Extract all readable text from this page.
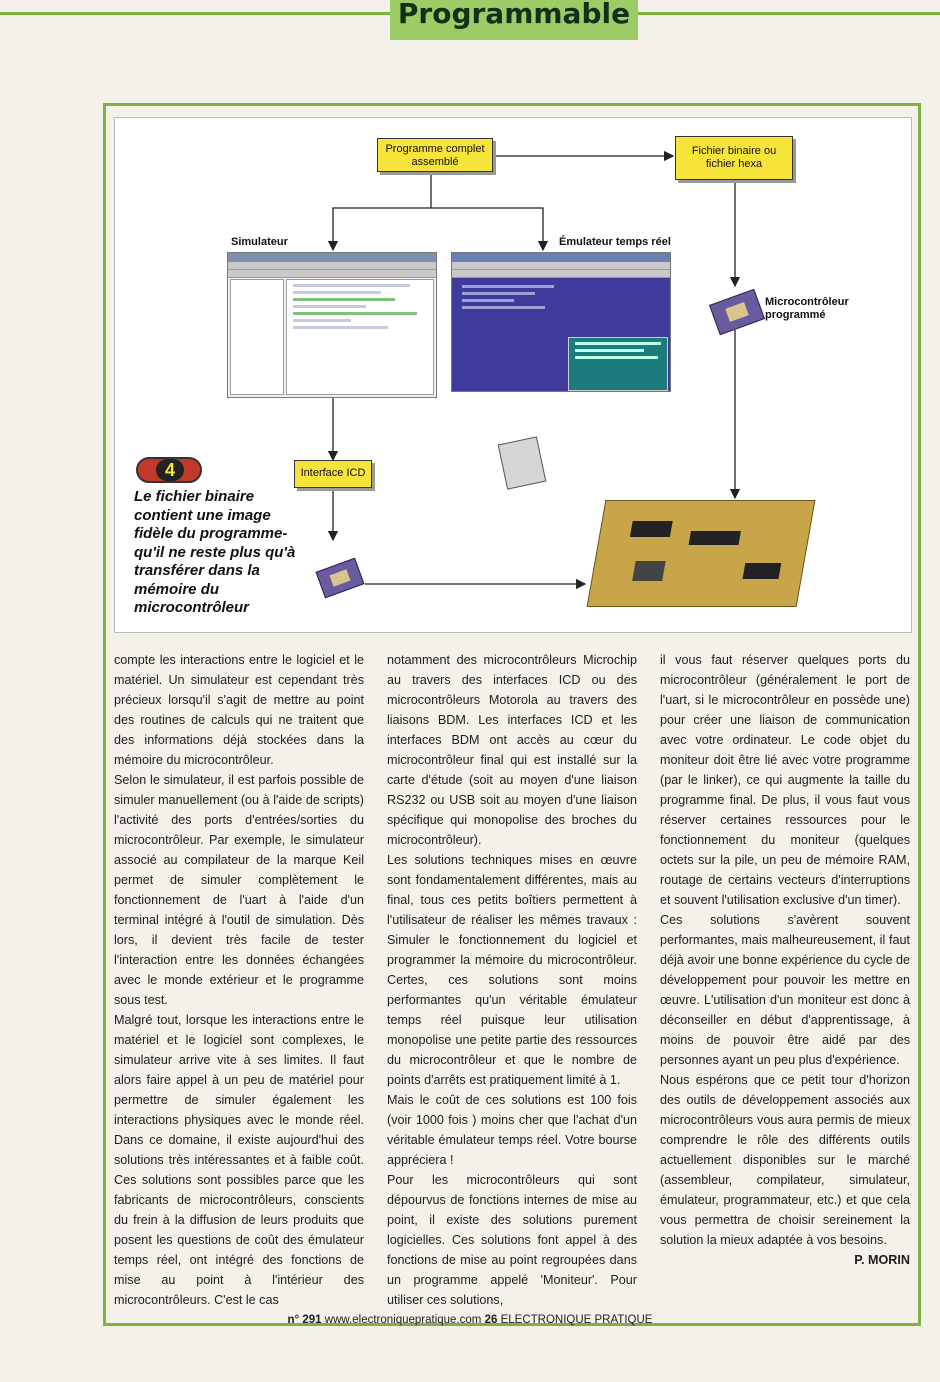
Programmable
Programme complet assemblé
Fichier binaire ou fichier hexa
Interface ICD
Simulateur	Émulateur temps réel
Microcontrôleur programmé
4
Le fichier binaire contient une image fidèle du programme-qu'il ne reste plus qu'à transférer dans la mémoire du microcontrôleur

compte les interactions entre le logiciel et le matériel. Un simulateur est cependant très précieux lorsqu'il s'agit de mettre au point des routines de calculs qui ne traitent que des informations déjà stockées dans la mémoire du microcontrôleur.

Selon le simulateur, il est parfois possible de simuler manuellement (ou à l'aide de scripts) l'activité des ports d'entrées/sorties du microcontrôleur. Par exemple, le simulateur associé au compilateur de la marque Keil permet de simuler complètement le fonctionnement de l'uart à l'aide d'un terminal intégré à l'outil de simulation. Dès lors, il devient très facile de tester l'interaction entre les données échangées avec le monde extérieur et le programme sous test.

Malgré tout, lorsque les interactions entre le matériel et le logiciel sont complexes, le simulateur arrive vite à ses limites. Il faut alors faire appel à un peu de matériel pour permettre de simuler également les interactions physiques avec le monde réel. Dans ce domaine, il existe aujourd'hui des solutions très intéressantes et à faible coût. Ces solutions sont possibles parce que les fabricants de microcontrôleurs, conscients du frein à la diffusion de leurs produits que posent les questions de coût des émulateur temps réel, ont intégré des fonctions de mise au point à l'intérieur des microcontrôleurs. C'est le cas

notamment des microcontrôleurs Microchip au travers des interfaces ICD ou des microcontrôleurs Motorola au travers des liaisons BDM. Les interfaces ICD et les interfaces BDM ont accès au cœur du microcontrôleur final qui est installé sur la carte d'étude (soit au moyen d'une liaison RS232 ou USB soit au moyen d'une liaison spécifique qui monopolise des broches du microcontrôleur).

Les solutions techniques mises en œuvre sont fondamentalement différentes, mais au final, tous ces petits boîtiers permettent à l'utilisateur de réaliser les mêmes travaux : Simuler le fonctionnement du logiciel et programmer la mémoire du microcontrôleur. Certes, ces solutions sont moins performantes qu'un véritable émulateur temps réel puisque leur utilisation monopolise une petite partie des ressources du microcontrôleur et que le nombre de points d'arrêts est pratiquement limité à 1.

Mais le coût de ces solutions est 100 fois (voir 1000 fois ) moins cher que l'achat d'un véritable émulateur temps réel. Votre bourse appréciera !

Pour les microcontrôleurs qui sont dépourvus de fonctions internes de mise au point, il existe des solutions purement logicielles. Ces solutions font appel à des fonctions de mise au point regroupées dans un programme appelé 'Moniteur'. Pour utiliser ces solutions,

il vous faut réserver quelques ports du microcontrôleur (généralement le port de l'uart, si le microcontrôleur en possède une) pour créer une liaison de communication avec votre ordinateur. Le code objet du moniteur doit être lié avec votre programme (par le linker), ce qui augmente la taille du programme final. De plus, il vous faut vous réserver certaines ressources pour le fonctionnement du moniteur (quelques octets sur la pile, un peu de mémoire RAM, routage de certains vecteurs d'interruptions et souvent l'utilisation exclusive d'un timer).

Ces solutions s'avèrent souvent performantes, mais malheureusement, il faut déjà avoir une bonne expérience du cycle de développement pour pouvoir les mettre en œuvre. L'utilisation d'un moniteur est donc à déconseiller en début d'apprentissage, à moins de pouvoir être aidé par des personnes ayant un peu plus d'expérience.

Nous espérons que ce petit tour d'horizon des outils de développement associés aux microcontrôleurs vous aura permis de mieux comprendre le rôle des différents outils actuellement disponibles sur le marché (assembleur, compilateur, simulateur, émulateur, programmateur, etc.) et que cela vous permettra de choisir sereinement la solution la mieux adaptée à vos besoins.

P. MORIN

n° 291 www.electroniquepratique.com 26 ELECTRONIQUE PRATIQUE
